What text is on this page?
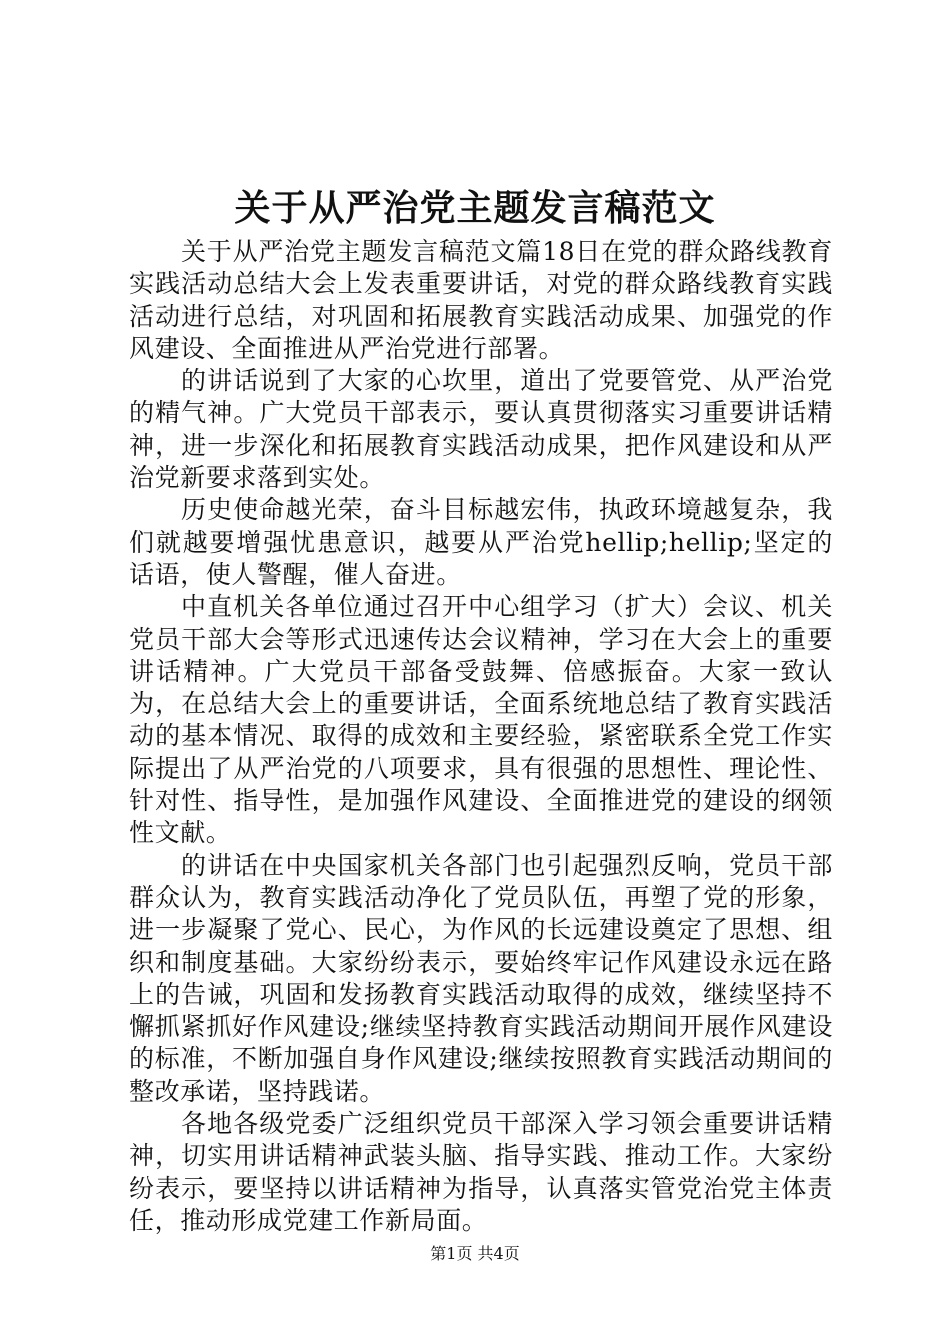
关于从严治党主题发言稿范文

关于从严治党主题发言稿范文篇18日在党的群众路线教育实践活动总结大会上发表重要讲话，对党的群众路线教育实践活动进行总结，对巩固和拓展教育实践活动成果、加强党的作风建设、全面推进从严治党进行部署。

的讲话说到了大家的心坎里，道出了党要管党、从严治党的精气神。广大党员干部表示，要认真贯彻落实习重要讲话精神，进一步深化和拓展教育实践活动成果，把作风建设和从严治党新要求落到实处。

历史使命越光荣，奋斗目标越宏伟，执政环境越复杂，我们就越要增强忧患意识，越要从严治党hellip;hellip;坚定的话语，使人警醒，催人奋进。

中直机关各单位通过召开中心组学习（扩大）会议、机关党员干部大会等形式迅速传达会议精神，学习在大会上的重要讲话精神。广大党员干部备受鼓舞、倍感振奋。大家一致认为，在总结大会上的重要讲话，全面系统地总结了教育实践活动的基本情况、取得的成效和主要经验，紧密联系全党工作实际提出了从严治党的八项要求，具有很强的思想性、理论性、针对性、指导性，是加强作风建设、全面推进党的建设的纲领性文献。

的讲话在中央国家机关各部门也引起强烈反响，党员干部群众认为，教育实践活动净化了党员队伍，再塑了党的形象，进一步凝聚了党心、民心，为作风的长远建设奠定了思想、组织和制度基础。大家纷纷表示，要始终牢记作风建设永远在路上的告诫，巩固和发扬教育实践活动取得的成效，继续坚持不懈抓紧抓好作风建设;继续坚持教育实践活动期间开展作风建设的标准，不断加强自身作风建设;继续按照教育实践活动期间的整改承诺，坚持践诺。

各地各级党委广泛组织党员干部深入学习领会重要讲话精神，切实用讲话精神武装头脑、指导实践、推动工作。大家纷纷表示，要坚持以讲话精神为指导，认真落实管党治党主体责任，推动形成党建工作新局面。

第1页 共4页
